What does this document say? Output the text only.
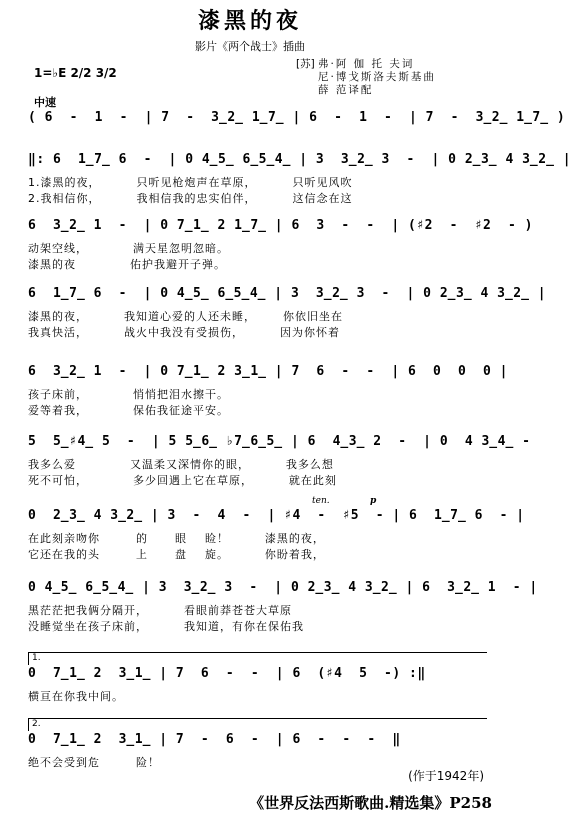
漆黑的夜
影片《两个战士》插曲
[苏] 弗·阿 伽 托 夫词
尼·博戈斯洛夫斯基曲
薛 范译配
1=♭E 2/2 3/2
中速
( 6  -  1  -  | 7  -  3̲2̲ 1̲7̲ | 6  -  1  -  | 7  -  3̲2̲ 1̲7̲ )
‖: 6  1̲7̲ 6  -  | 0 4̲5̲ 6̲5̲4̲ | 3  3̲2̲ 3  -  | 0 2̲3̲ 4 3̲2̲ |
1.漆黑的夜，        只听见枪炮声在草原，        只听见风吹
2.我相信你，        我相信我的忠实伯伴，        这信念在这
6  3̲2̲ 1  -  | 0 7̲1̲ 2 1̲7̲ | 6  3  -  -  | (♯2  -  ♯2  - )
动架空线，          满天星忽明忽暗。
漆黑的夜            佑护我避开子弹。
6  1̲7̲ 6  -  | 0 4̲5̲ 6̲5̲4̲ | 3  3̲2̲ 3  -  | 0 2̲3̲ 4 3̲2̲ |
漆黑的夜，        我知道心爱的人还未睡，      你依旧坐在
我真快活，        战火中我没有受损伤，        因为你怀着
6  3̲2̲ 1  -  | 0 7̲1̲ 2 3̲1̲ | 7  6  -  -  | 6  0  0  0 |
孩子床前，          悄悄把泪水擦干。
爱等着我，          保佑我征途平安。
5  5̲♯4̲ 5  -  | 5 5̲6̲ ♭7̲6̲5̲ | 6  4̲3̲ 2  -  | 0  4 3̲4̲ -
我多么爱            又温柔又深情你的眼，        我多么想
死不可怕，          多少回遇上它在草原，        就在此刻
ten.	p
0  2̲3̲ 4 3̲2̲ | 3  -  4  -  | ♯4  -  ♯5  - | 6  1̲7̲ 6  - |
在此刻亲吻你        的      眼    睑！        漆黑的夜，
它还在我的头        上      盘    旋。        你盼着我，
0 4̲5̲ 6̲5̲4̲ | 3  3̲2̲ 3  -  | 0 2̲3̲ 4 3̲2̲ | 6  3̲2̲ 1  - |
黑茫茫把我俩分隔开，        看眼前莽苍苍大草原
没睡觉坐在孩子床前，        我知道，有你在保佑我
1.
0  7̲1̲ 2  3̲1̲ | 7  6  -  -  | 6  (♯4  5  -) :‖
横亘在你我中间。
2.
0  7̲1̲ 2  3̲1̲ | 7  -  6  -  | 6  -  -  -  ‖
绝不会受到危        险！
(作于1942年)
《世界反法西斯歌曲.精选集》P258
